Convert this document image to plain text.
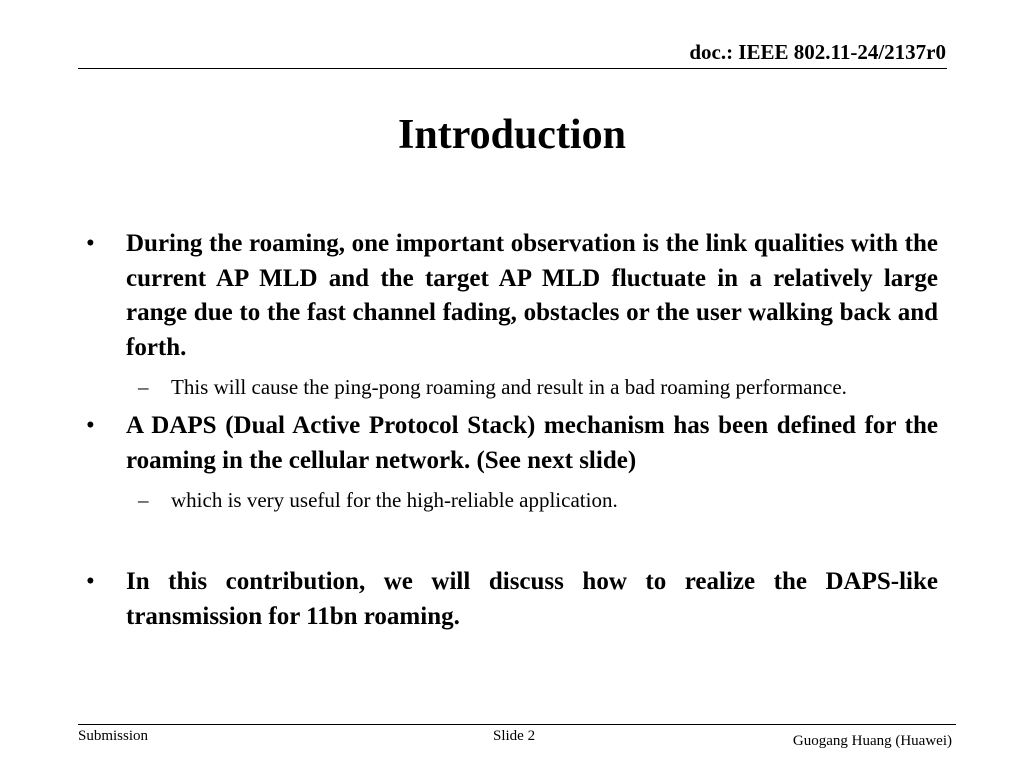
doc.: IEEE 802.11-24/2137r0
Introduction
• During the roaming, one important observation is the link qualities with the current AP MLD and the target AP MLD fluctuate in a relatively large range due to the fast channel fading, obstacles or the user walking back and forth.
– This will cause the ping-pong roaming and result in a bad roaming performance.
• A DAPS (Dual Active Protocol Stack) mechanism has been defined for the roaming in the cellular network. (See next slide)
– which is very useful for the high-reliable application.
• In this contribution, we will discuss how to realize the DAPS-like transmission for 11bn roaming.
Submission	Slide 2	Guogang Huang (Huawei)
